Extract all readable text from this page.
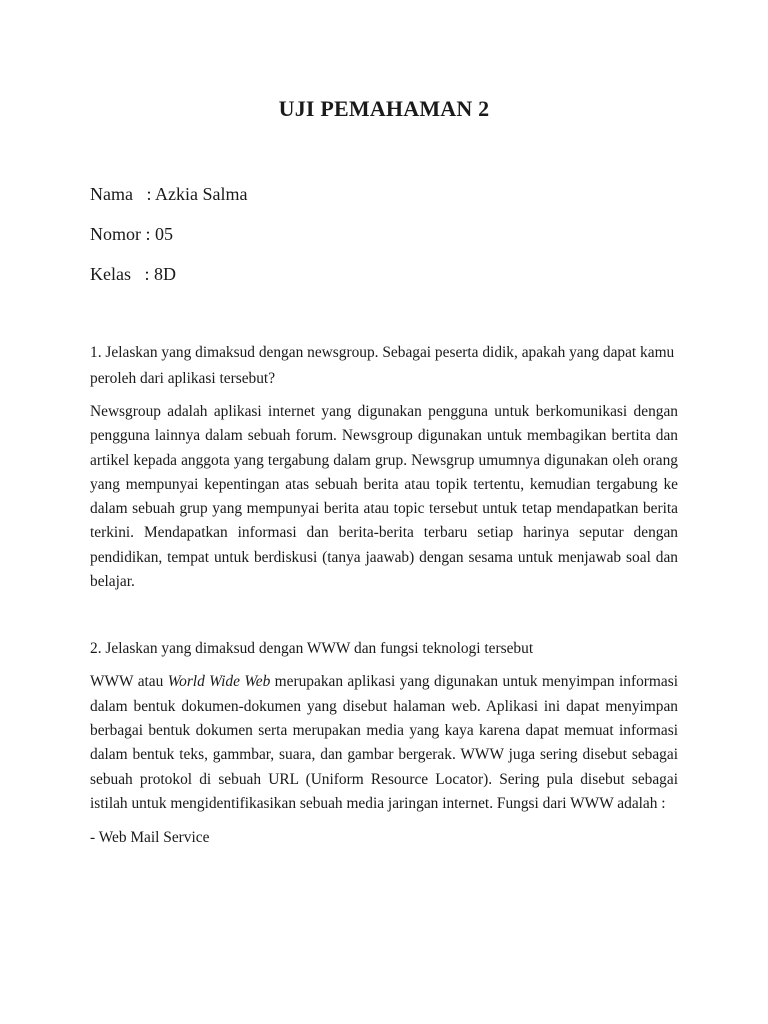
UJI PEMAHAMAN 2
Nama   : Azkia Salma
Nomor : 05
Kelas   : 8D

1. Jelaskan yang dimaksud dengan newsgroup. Sebagai peserta didik, apakah yang dapat kamu peroleh dari aplikasi tersebut?

Newsgroup adalah aplikasi internet yang digunakan pengguna untuk berkomunikasi dengan pengguna lainnya dalam sebuah forum. Newsgroup digunakan untuk membagikan bertita dan artikel kepada anggota yang tergabung dalam grup. Newsgrup umumnya digunakan oleh orang yang mempunyai kepentingan atas sebuah berita atau topik tertentu, kemudian tergabung ke dalam sebuah grup yang mempunyai berita atau topic tersebut untuk tetap mendapatkan berita terkini. Mendapatkan informasi dan berita-berita terbaru setiap harinya seputar dengan pendidikan, tempat untuk berdiskusi (tanya jaawab) dengan sesama untuk menjawab soal dan belajar.

2. Jelaskan yang dimaksud dengan WWW dan fungsi teknologi tersebut

WWW atau World Wide Web merupakan aplikasi yang digunakan untuk menyimpan informasi dalam bentuk dokumen-dokumen yang disebut halaman web. Aplikasi ini dapat menyimpan berbagai bentuk dokumen serta merupakan media yang kaya karena dapat memuat informasi dalam bentuk teks, gammbar, suara, dan gambar bergerak. WWW juga sering disebut sebagai sebuah protokol di sebuah URL (Uniform Resource Locator). Sering pula disebut sebagai istilah untuk mengidentifikasikan sebuah media jaringan internet. Fungsi dari WWW adalah :

- Web Mail Service
